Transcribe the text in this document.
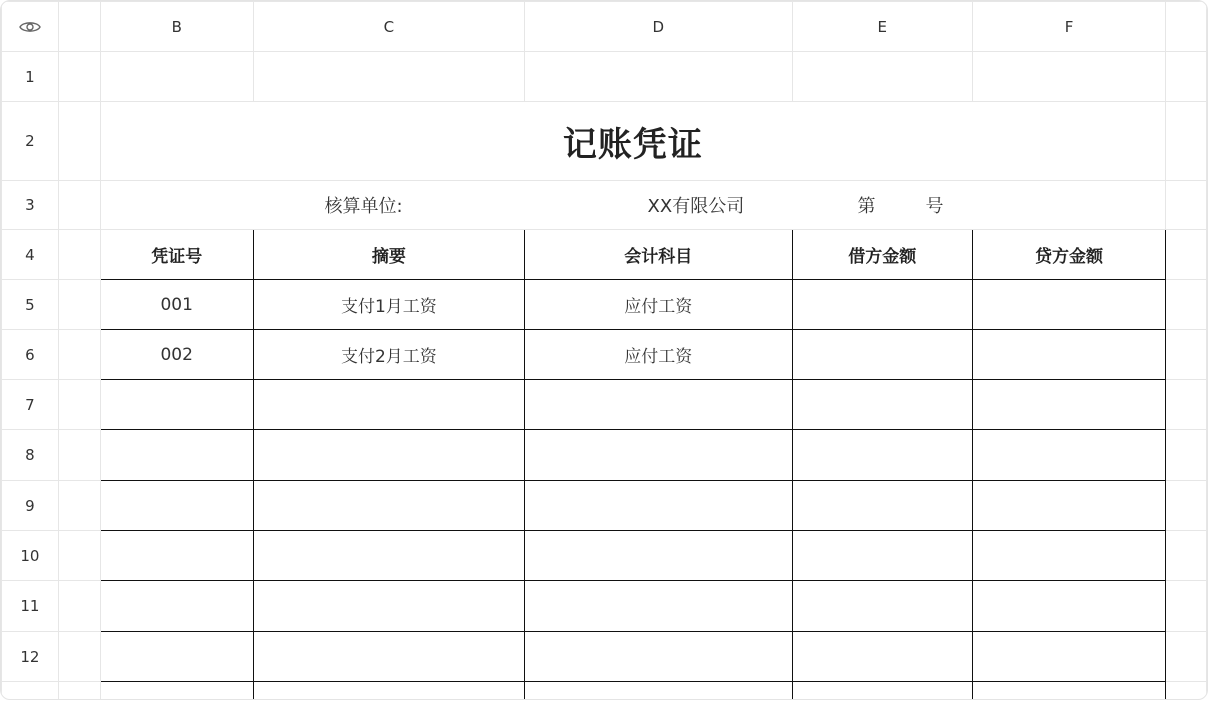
		B	C	D	E	F	
1							
2		记账凭证					
3		核算单位: XX有限公司 第 号					

4		凭证号	摘要	会计科目	借方金额	贷方金额	
5		001	支付1月工资	应付工资			
6		002	支付2月工资	应付工资			
7							
8							
9							
10							
11							
12							
